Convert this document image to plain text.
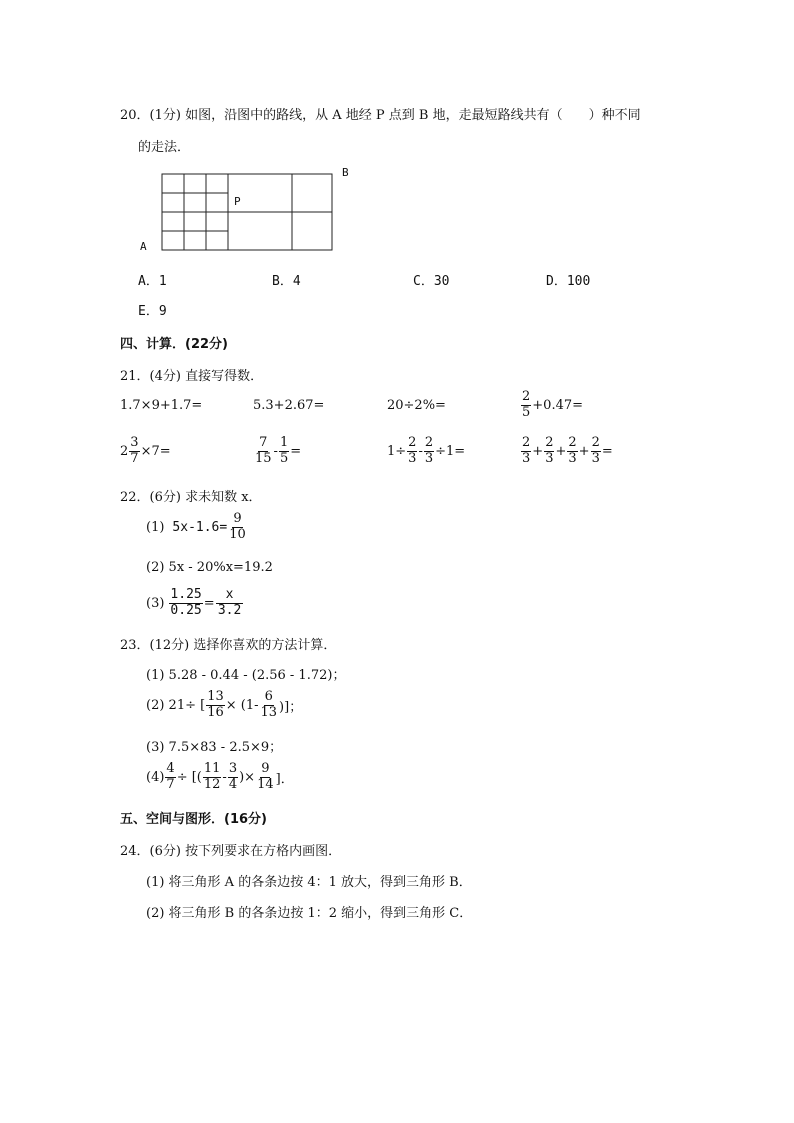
20．(1分) 如图，沿图中的路线，从 A 地经 P 点到 B 地，走最短路线共有（　　）种不同
的走法．
B
P
A
A．1	B．4	C．30	D．100
E．9
四、计算．(22分)
21．(4分) 直接写得数．
1.7×9+1.7=	5.3+2.67=	20÷2%=	$\frac{2}{5} +0.47=$
$2 \frac{3}{7} \times 7=$	$\frac{7}{15} - \frac{1}{5}$ =	$1\div \frac{2}{3} - \frac{2}{3} \div 1=$	$\frac{2}{3} + \frac{2}{3} + \frac{2}{3} + \frac{2}{3}$ =
22．(6分) 求未知数 x．
(1) $5x-1.6= \frac{9}{10}$
(2) 5x - 20%x=19.2
$(3) \frac{1.25}{0.25} = \frac{x}{3.2}$
23．(12分) 选择你喜欢的方法计算．
(1) 5.28 - 0.44 - (2.56 - 1.72)；
(2) 21÷ [ $\frac{13}{16} \times (1- \frac{6}{13}$ )]；
(3) 7.5×83 - 2.5×9；
$(4) \frac{4}{7}$ ÷ [( $\frac{11}{12} - \frac{3}{4}$ )× $\frac{9}{14}$ ]．
五、空间与图形．(16分)
24．(6分) 按下列要求在方格内画图．
(1) 将三角形 A 的各条边按 4：1 放大，得到三角形 B．
(2) 将三角形 B 的各条边按 1：2 缩小，得到三角形 C．
